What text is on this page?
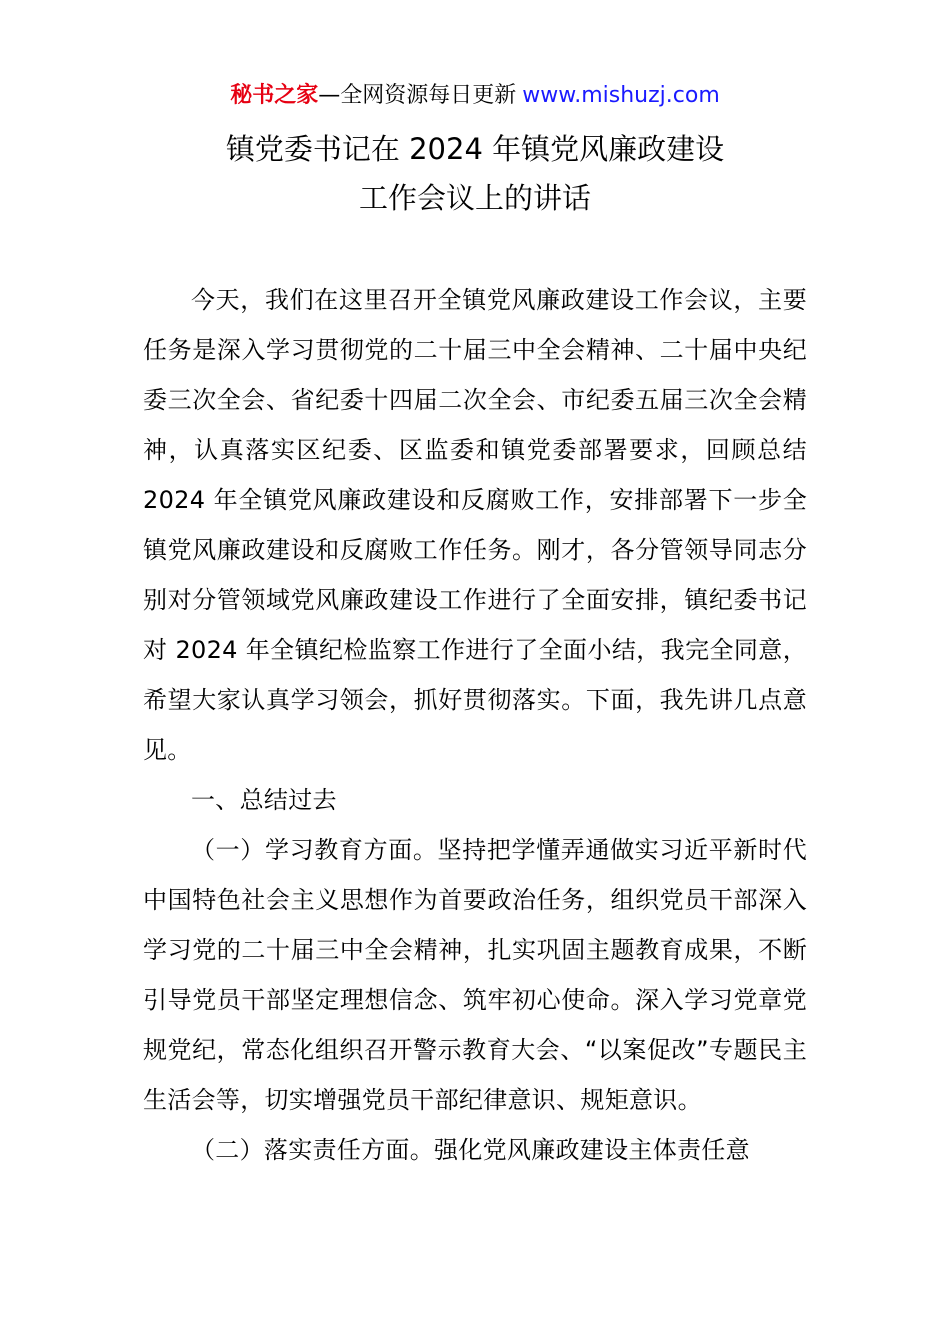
秘书之家—全网资源每日更新 www.mishuzj.com
镇党委书记在 2024 年镇党风廉政建设
工作会议上的讲话

今天，我们在这里召开全镇党风廉政建设工作会议，主要任务是深入学习贯彻党的二十届三中全会精神、二十届中央纪委三次全会、省纪委十四届二次全会、市纪委五届三次全会精神，认真落实区纪委、区监委和镇党委部署要求，回顾总结 2024 年全镇党风廉政建设和反腐败工作，安排部署下一步全镇党风廉政建设和反腐败工作任务。刚才，各分管领导同志分别对分管领域党风廉政建设工作进行了全面安排，镇纪委书记对 2024 年全镇纪检监察工作进行了全面小结，我完全同意，希望大家认真学习领会，抓好贯彻落实。下面，我先讲几点意见。

一、总结过去

（一）学习教育方面。坚持把学懂弄通做实习近平新时代中国特色社会主义思想作为首要政治任务，组织党员干部深入学习党的二十届三中全会精神，扎实巩固主题教育成果，不断引导党员干部坚定理想信念、筑牢初心使命。深入学习党章党规党纪，常态化组织召开警示教育大会、“以案促改”专题民主生活会等，切实增强党员干部纪律意识、规矩意识。

（二）落实责任方面。强化党风廉政建设主体责任意
